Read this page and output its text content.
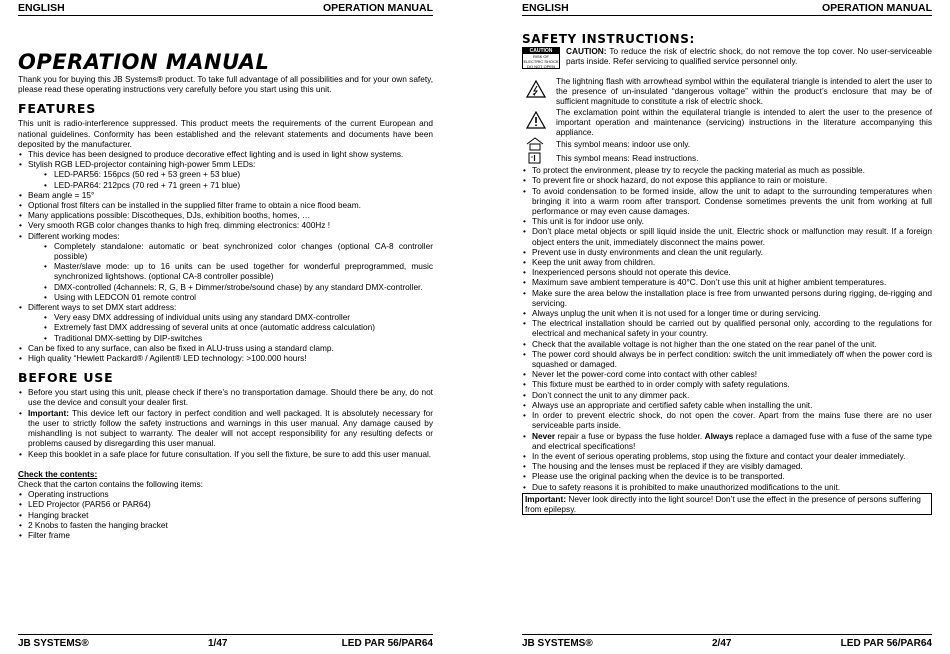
ENGLISH	OPERATION MANUAL
OPERATION MANUAL

Thank you for buying this JB Systems® product. To take full advantage of all possibilities and for your own safety, please read these operating instructions very carefully before you start using this unit.

FEATURES

This unit is radio-interference suppressed. This product meets the requirements of the current European and national guidelines. Conformity has been established and the relevant statements and documents have been deposited by the manufacturer.

• This device has been designed to produce decorative effect lighting and is used in light show systems.
• Stylish RGB LED-projector containing high-power 5mm LEDs:
• LED-PAR56: 156pcs (50 red + 53 green + 53 blue)
• LED-PAR64: 212pcs (70 red + 71 green + 71 blue)
• Beam angle = 15°
• Optional frost filters can be installed in the supplied filter frame to obtain a nice flood beam.
• Many applications possible: Discotheques, DJs, exhibition booths, homes, …
• Very smooth RGB color changes thanks to high freq. dimming electronics: 400Hz !
• Different working modes:
• Completely standalone: automatic or beat synchronized color changes (optional CA-8 controller possible)
• Master/slave mode: up to 16 units can be used together for wonderful preprogrammed, music synchronized lightshows. (optional CA-8 controller possible)
• DMX-controlled (4channels: R, G, B + Dimmer/strobe/sound chase) by any standard DMX-controller.
• Using with LEDCON 01 remote control
• Different ways to set DMX start address:
• Very easy DMX addressing of individual units using any standard DMX-controller
• Extremely fast DMX addressing of several units at once (automatic address calculation)
• Traditional DMX-setting by DIP-switches
• Can be fixed to any surface, can also be fixed in ALU-truss using a standard clamp.
• High quality “Hewlett Packard® / Agilent® LED technology: >100.000 hours!
BEFORE USE
• Before you start using this unit, please check if there’s no transportation damage. Should there be any, do not use the device and consult your dealer first.
• Important: This device left our factory in perfect condition and well packaged. It is absolutely necessary for the user to strictly follow the safety instructions and warnings in this user manual. Any damage caused by mishandling is not subject to warranty. The dealer will not accept responsibility for any resulting defects or problems caused by disregarding this user manual.
• Keep this booklet in a safe place for future consultation. If you sell the fixture, be sure to add this user manual.

Check the contents:

Check that the carton contains the following items:

• Operating instructions
• LED Projector (PAR56 or PAR64)
• Hanging bracket
• 2 Knobs to fasten the hanging bracket
• Filter frame
JB SYSTEMS®	1/47	LED PAR 56/PAR64
ENGLISH	OPERATION MANUAL
SAFETY INSTRUCTIONS:
CAUTION
RISK OF ELECTRIC SHOCK DO NOT OPEN

CAUTION: To reduce the risk of electric shock, do not remove the top cover. No user-serviceable parts inside. Refer servicing to qualified service personnel only.

The lightning flash with arrowhead symbol within the equilateral triangle is intended to alert the user to the presence of un-insulated “dangerous voltage” within the product’s enclosure that may be of sufficient magnitude to constitute a risk of electric shock.

The exclamation point within the equilateral triangle is intended to alert the user to the presence of important operation and maintenance (servicing) instructions in the literature accompanying this appliance.

This symbol means: indoor use only.

This symbol means: Read instructions.

• To protect the environment, please try to recycle the packing material as much as possible.
• To prevent fire or shock hazard, do not expose this appliance to rain or moisture.
• To avoid condensation to be formed inside, allow the unit to adapt to the surrounding temperatures when bringing it into a warm room after transport. Condense sometimes prevents the unit from working at full performance or may even cause damages.
• This unit is for indoor use only.
• Don’t place metal objects or spill liquid inside the unit. Electric shock or malfunction may result. If a foreign object enters the unit, immediately disconnect the mains power.
• Prevent use in dusty environments and clean the unit regularly.
• Keep the unit away from children.
• Inexperienced persons should not operate this device.
• Maximum save ambient temperature is 40°C. Don’t use this unit at higher ambient temperatures.
• Make sure the area below the installation place is free from unwanted persons during rigging, de-rigging and servicing.
• Always unplug the unit when it is not used for a longer time or during servicing.
• The electrical installation should be carried out by qualified personal only, according to the regulations for electrical and mechanical safety in your country.
• Check that the available voltage is not higher than the one stated on the rear panel of the unit.
• The power cord should always be in perfect condition: switch the unit immediately off when the power cord is squashed or damaged.
• Never let the power-cord come into contact with other cables!
• This fixture must be earthed to in order comply with safety regulations.
• Don’t connect the unit to any dimmer pack.
• Always use an appropriate and certified safety cable when installing the unit.
• In order to prevent electric shock, do not open the cover. Apart from the mains fuse there are no user serviceable parts inside.
• Never repair a fuse or bypass the fuse holder. Always replace a damaged fuse with a fuse of the same type and electrical specifications!
• In the event of serious operating problems, stop using the fixture and contact your dealer immediately.
• The housing and the lenses must be replaced if they are visibly damaged.
• Please use the original packing when the device is to be transported.
• Due to safety reasons it is prohibited to make unauthorized modifications to the unit.
Important: Never look directly into the light source! Don’t use the effect in the presence of persons suffering from epilepsy.
JB SYSTEMS®	2/47	LED PAR 56/PAR64
